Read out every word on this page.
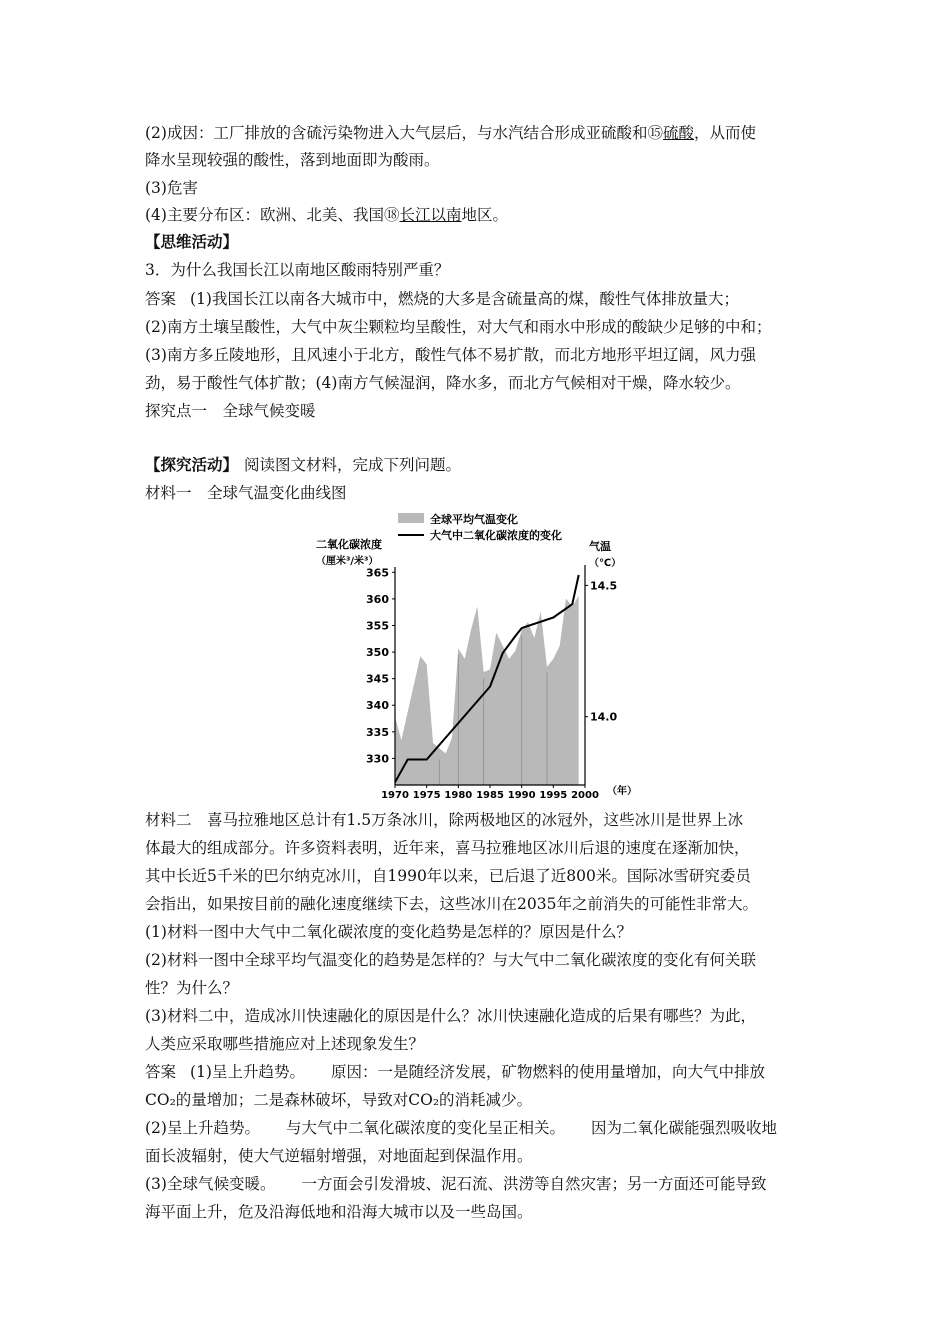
(2)成因：工厂排放的含硫污染物进入大气层后，与水汽结合形成亚硫酸和⑮硫酸，从而使
降水呈现较强的酸性，落到地面即为酸雨。
(3)危害
(4)主要分布区：欧洲、北美、我国⑱长江以南地区。
【思维活动】
3．为什么我国长江以南地区酸雨特别严重？
答案 (1)我国长江以南各大城市中，燃烧的大多是含硫量高的煤，酸性气体排放量大；
(2)南方土壤呈酸性，大气中灰尘颗粒均呈酸性，对大气和雨水中形成的酸缺少足够的中和；
(3)南方多丘陵地形，且风速小于北方，酸性气体不易扩散，而北方地形平坦辽阔，风力强
劲，易于酸性气体扩散；(4)南方气候湿润，降水多，而北方气候相对干燥，降水较少。
探究点一　全球气候变暖
【探究活动】 阅读图文材料，完成下列问题。
材料一　全球气温变化曲线图
全球平均气温变化
大气中二氧化碳浓度的变化
二氧化碳浓度
（厘米³/米³）
气温
（℃）
365
360
355
350
345
340
335
330
14.5
14.0
1970 1975 1980 1985 1990 1995 2000 （年）
材料二　喜马拉雅地区总计有1.5万条冰川，除两极地区的冰冠外，这些冰川是世界上冰
体最大的组成部分。许多资料表明，近年来，喜马拉雅地区冰川后退的速度在逐渐加快，
其中长近5千米的巴尔纳克冰川，自1990年以来，已后退了近800米。国际冰雪研究委员
会指出，如果按目前的融化速度继续下去，这些冰川在2035年之前消失的可能性非常大。
(1)材料一图中大气中二氧化碳浓度的变化趋势是怎样的？原因是什么？
(2)材料一图中全球平均气温变化的趋势是怎样的？与大气中二氧化碳浓度的变化有何关联
性？为什么？
(3)材料二中，造成冰川快速融化的原因是什么？冰川快速融化造成的后果有哪些？为此，
人类应采取哪些措施应对上述现象发生？
答案 (1)呈上升趋势。 原因：一是随经济发展，矿物燃料的使用量增加，向大气中排放
CO₂的量增加；二是森林破坏，导致对CO₂的消耗减少。
(2)呈上升趋势。 与大气中二氧化碳浓度的变化呈正相关。 因为二氧化碳能强烈吸收地
面长波辐射，使大气逆辐射增强，对地面起到保温作用。
(3)全球气候变暖。 一方面会引发滑坡、泥石流、洪涝等自然灾害；另一方面还可能导致
海平面上升，危及沿海低地和沿海大城市以及一些岛国。
